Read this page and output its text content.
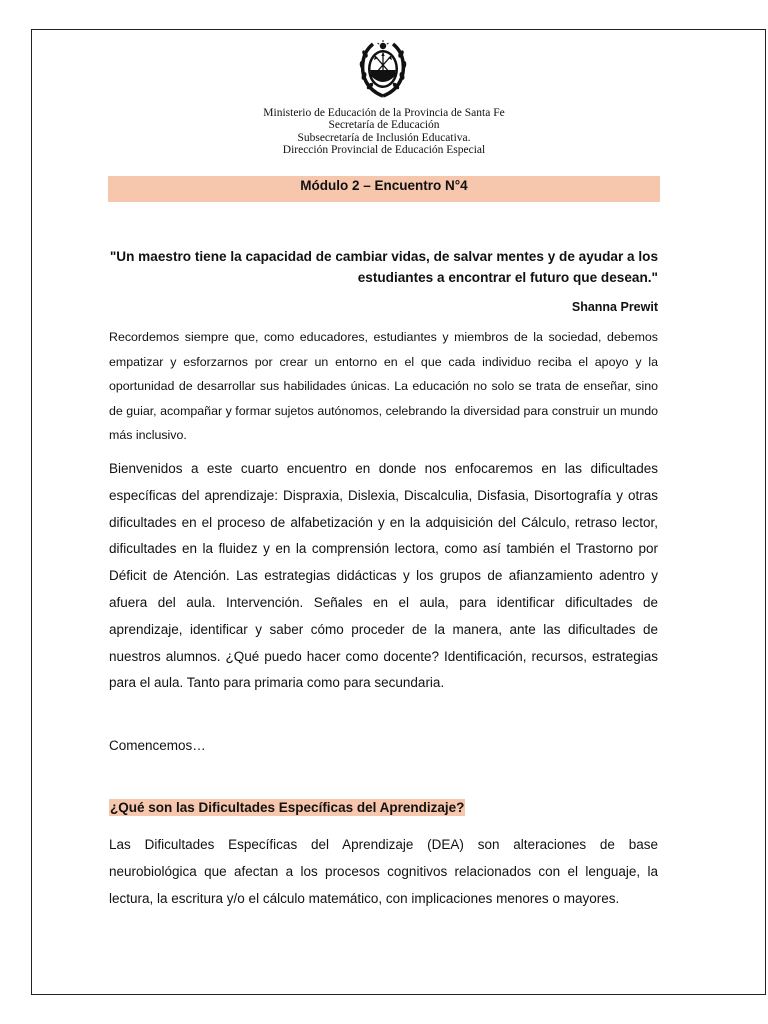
Ministerio de Educación de la Provincia de Santa Fe
Secretaría de Educación
Subsecretaría de Inclusión Educativa.
Dirección Provincial de Educación Especial
Módulo 2 – Encuentro N°4
"Un maestro tiene la capacidad de cambiar vidas, de salvar mentes y de ayudar a los estudiantes a encontrar el futuro que desean."
Shanna Prewit
Recordemos siempre que, como educadores, estudiantes y miembros de la sociedad, debemos empatizar y esforzarnos por crear un entorno en el que cada individuo reciba el apoyo y la oportunidad de desarrollar sus habilidades únicas. La educación no solo se trata de enseñar, sino de guiar, acompañar y formar sujetos autónomos, celebrando la diversidad para construir un mundo más inclusivo.
Bienvenidos a este cuarto encuentro en donde nos enfocaremos en las dificultades específicas del aprendizaje: Dispraxia, Dislexia, Discalculia, Disfasia, Disortografía y otras dificultades en el proceso de alfabetización y en la adquisición del Cálculo, retraso lector, dificultades en la fluidez y en la comprensión lectora, como así también el Trastorno por Déficit de Atención. Las estrategias didácticas y los grupos de afianzamiento adentro y afuera del aula. Intervención. Señales en el aula, para identificar dificultades de aprendizaje, identificar y saber cómo proceder de la manera, ante las dificultades de nuestros alumnos. ¿Qué puedo hacer como docente? Identificación, recursos, estrategias para el aula. Tanto para primaria como para secundaria.
Comencemos…
¿Qué son las Dificultades Específicas del Aprendizaje?
Las Dificultades Específicas del Aprendizaje (DEA) son alteraciones de base neurobiológica que afectan a los procesos cognitivos relacionados con el lenguaje, la lectura, la escritura y/o el cálculo matemático, con implicaciones menores o mayores.
